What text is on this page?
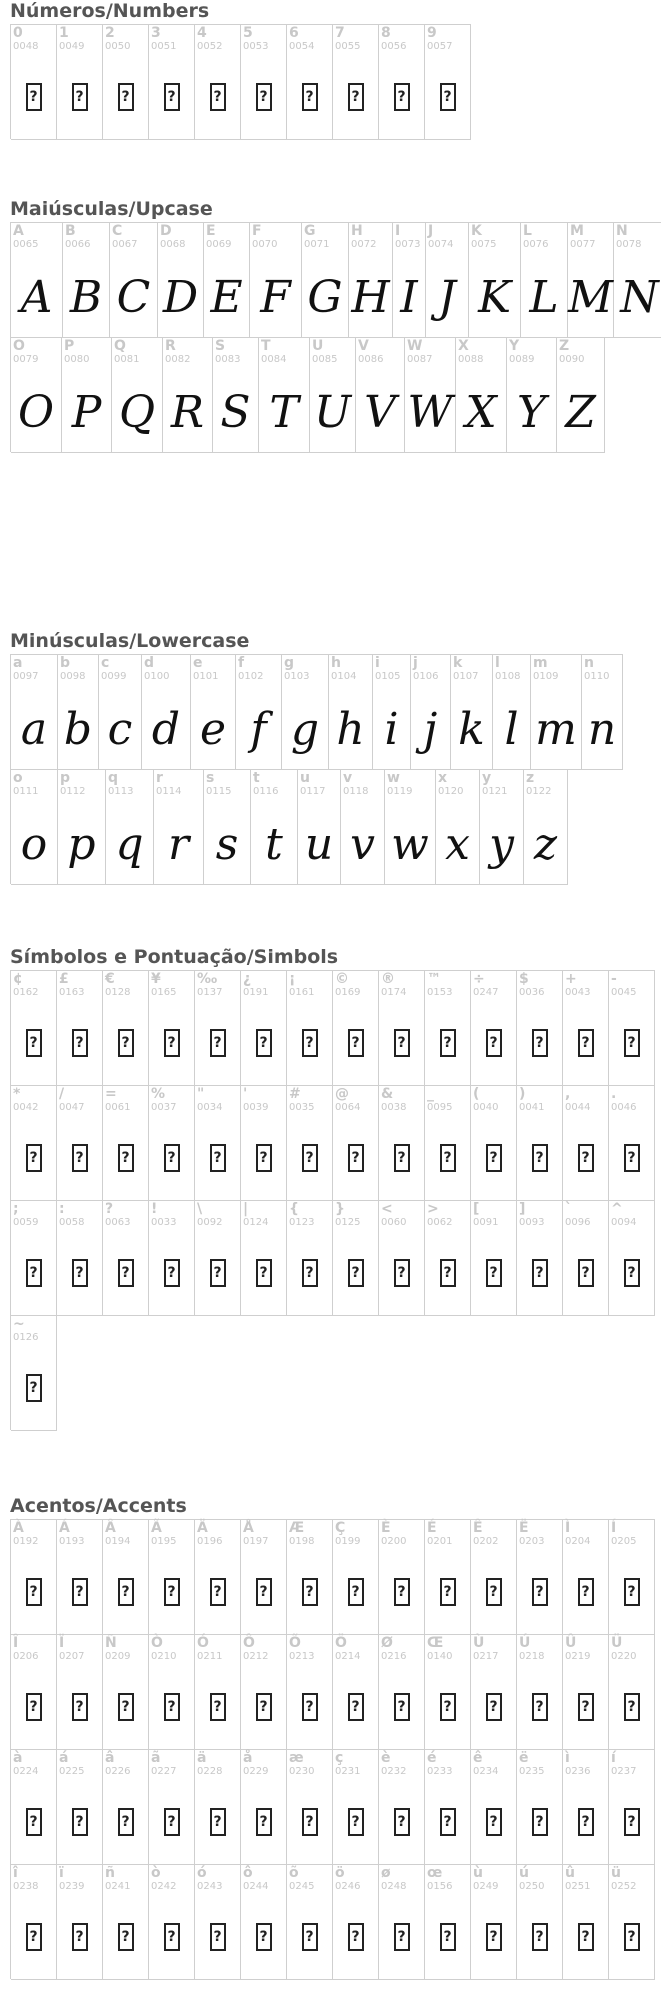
Números/Numbers
0
0048
?
1
0049
?
2
0050
?
3
0051
?
4
0052
?
5
0053
?
6
0054
?
7
0055
?
8
0056
?
9
0057
?
Maiúsculas/Upcase
A
0065
A
B
0066
B
C
0067
C
D
0068
D
E
0069
E
F
0070
F
G
0071
G
H
0072
H
I
0073
I
J
0074
J
K
0075
K
L
0076
L
M
0077
M
N
0078
N
O
0079
O
P
0080
P
Q
0081
Q
R
0082
R
S
0083
S
T
0084
T
U
0085
U
V
0086
V
W
0087
W
X
0088
X
Y
0089
Y
Z
0090
Z
Minúsculas/Lowercase
a
0097
a
b
0098
b
c
0099
c
d
0100
d
e
0101
e
f
0102
f
g
0103
g
h
0104
h
i
0105
i
j
0106
j
k
0107
k
l
0108
l
m
0109
m
n
0110
n
o
0111
o
p
0112
p
q
0113
q
r
0114
r
s
0115
s
t
0116
t
u
0117
u
v
0118
v
w
0119
w
x
0120
x
y
0121
y
z
0122
z
Símbolos e Pontuação/Simbols
¢
0162
?
£
0163
?
€
0128
?
¥
0165
?
‰
0137
?
¿
0191
?
¡
0161
?
©
0169
?
®
0174
?
™
0153
?
÷
0247
?
$
0036
?
+
0043
?
-
0045
?
*
0042
?
/
0047
?
=
0061
?
%
0037
?
"
0034
?
'
0039
?
#
0035
?
@
0064
?
&
0038
?
_
0095
?
(
0040
?
)
0041
?
,
0044
?
.
0046
?
;
0059
?
:
0058
?
?
0063
?
!
0033
?
\
0092
?
|
0124
?
{
0123
?
}
0125
?
<
0060
?
>
0062
?
[
0091
?
]
0093
?
`
0096
?
^
0094
?
~
0126
?
Acentos/Accents
À
0192
?
Á
0193
?
Â
0194
?
Ã
0195
?
Ä
0196
?
Å
0197
?
Æ
0198
?
Ç
0199
?
È
0200
?
É
0201
?
Ê
0202
?
Ë
0203
?
Ì
0204
?
Í
0205
?
Î
0206
?
Ï
0207
?
Ñ
0209
?
Ò
0210
?
Ó
0211
?
Ô
0212
?
Õ
0213
?
Ö
0214
?
Ø
0216
?
Œ
0140
?
Ù
0217
?
Ú
0218
?
Û
0219
?
Ü
0220
?
à
0224
?
á
0225
?
â
0226
?
ã
0227
?
ä
0228
?
å
0229
?
æ
0230
?
ç
0231
?
è
0232
?
é
0233
?
ê
0234
?
ë
0235
?
ì
0236
?
í
0237
?
î
0238
?
ï
0239
?
ñ
0241
?
ò
0242
?
ó
0243
?
ô
0244
?
õ
0245
?
ö
0246
?
ø
0248
?
œ
0156
?
ù
0249
?
ú
0250
?
û
0251
?
ü
0252
?
